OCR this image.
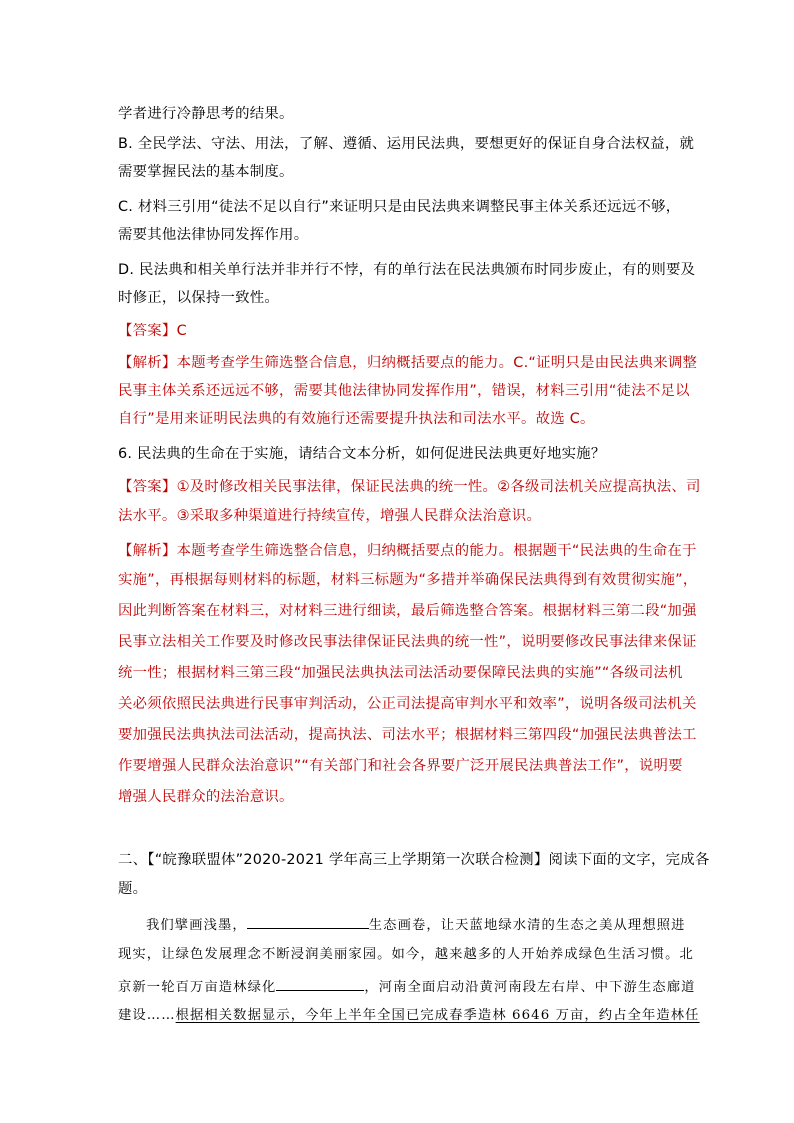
学者进行冷静思考的结果。
B. 全民学法、守法、用法，了解、遵循、运用民法典，要想更好的保证自身合法权益，就
需要掌握民法的基本制度。
C. 材料三引用“徒法不足以自行”来证明只是由民法典来调整民事主体关系还远远不够，
需要其他法律协同发挥作用。
D. 民法典和相关单行法并非并行不悖，有的单行法在民法典颁布时同步废止，有的则要及
时修正，以保持一致性。
【答案】C
【解析】本题考查学生筛选整合信息，归纳概括要点的能力。C.“证明只是由民法典来调整
民事主体关系还远远不够，需要其他法律协同发挥作用”，错误，材料三引用“徒法不足以
自行”是用来证明民法典的有效施行还需要提升执法和司法水平。故选 C。
6. 民法典的生命在于实施，请结合文本分析，如何促进民法典更好地实施？
【答案】①及时修改相关民事法律，保证民法典的统一性。②各级司法机关应提高执法、司
法水平。③采取多种渠道进行持续宣传，增强人民群众法治意识。
【解析】本题考查学生筛选整合信息，归纳概括要点的能力。根据题干“民法典的生命在于
实施”，再根据每则材料的标题，材料三标题为“多措并举确保民法典得到有效贯彻实施”，
因此判断答案在材料三，对材料三进行细读，最后筛选整合答案。根据材料三第二段“加强
民事立法相关工作要及时修改民事法律保证民法典的统一性”，说明要修改民事法律来保证
统一性；根据材料三第三段“加强民法典执法司法活动要保障民法典的实施”“各级司法机
关必须依照民法典进行民事审判活动，公正司法提高审判水平和效率”，说明各级司法机关
要加强民法典执法司法活动，提高执法、司法水平；根据材料三第四段“加强民法典普法工
作要增强人民群众法治意识”“有关部门和社会各界要广泛开展民法典普法工作”，说明要
增强人民群众的法治意识。
二、【“皖豫联盟体”2020-2021 学年高三上学期第一次联合检测】阅读下面的文字，完成各
题。
我们擘画浅墨，	生态画卷，让天蓝地绿水清的生态之美从理想照进
现实，让绿色发展理念不断浸润美丽家园。如今，越来越多的人开始养成绿色生活习惯。北
京新一轮百万亩造林绿化	，河南全面启动沿黄河南段左右岸、中下游生态廊道
建设……根据相关数据显示，今年上半年全国已完成春季造林 6646 万亩，约占全年造林任
